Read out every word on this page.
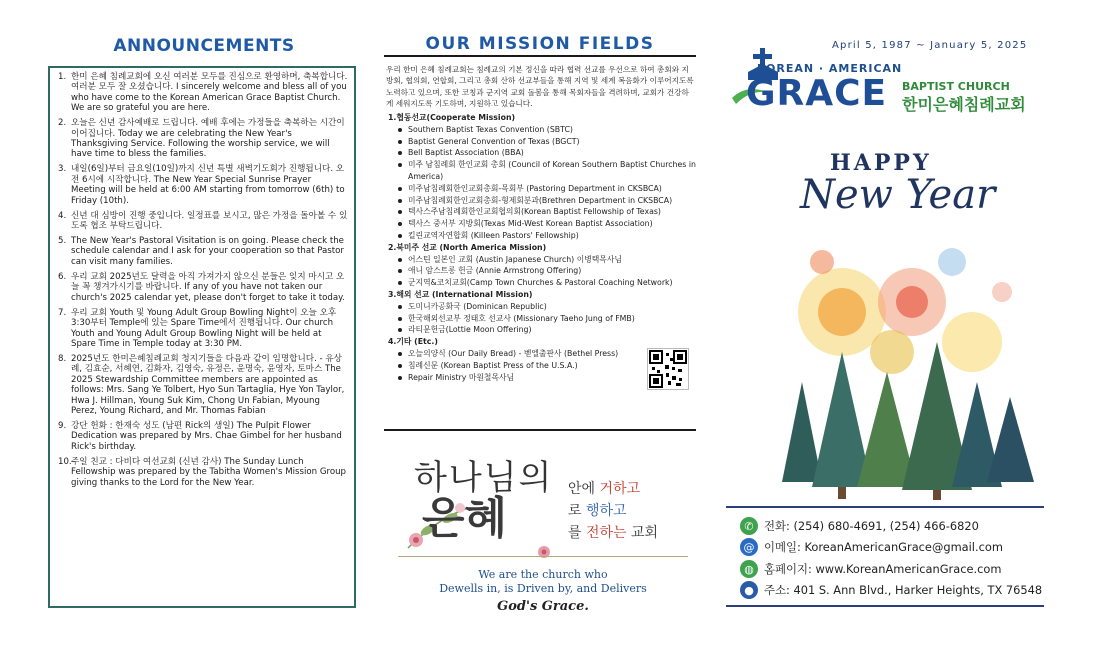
ANNOUNCEMENTS
1. 한미 은혜 침례교회에 오신 여러분 모두를 진심으로 환영하며, 축복합니다. 여러분 모두 잘 오셨습니다. I sincerely welcome and bless all of you who have come to the Korean American Grace Baptist Church. We are so grateful you are here.
2. 오늘은 신년 감사예배로 드립니다. 예배 후에는 가정들을 축복하는 시간이 이어집니다. Today we are celebrating the New Year's Thanksgiving Service. Following the worship service, we will have time to bless the families.
3. 내일(6일)부터 금요일(10일)까지 신년 특별 새벽기도회가 진행됩니다. 오전 6시에 시작합니다. The New Year Special Sunrise Prayer Meeting will be held at 6:00 AM starting from tomorrow (6th) to Friday (10th).
4. 신년 대 심방이 진행 중입니다. 일정표를 보시고, 많은 가정을 돌아볼 수 있도록 협조 부탁드립니다.
5. The New Year's Pastoral Visitation is on going. Please check the schedule calendar and I ask for your cooperation so that Pastor can visit many families.
6. 우리 교회 2025년도 달력을 아직 가져가지 않으신 분들은 잊지 마시고 오늘 꼭 챙겨가시기를 바랍니다. If any of you have not taken our church's 2025 calendar yet, please don't forget to take it today.
7. 우리 교회 Youth 및 Young Adult Group Bowling Night이 오늘 오후 3:30부터 Temple에 있는 Spare Time에서 진행됩니다. Our church Youth and Young Adult Group Bowling Night will be held at Spare Time in Temple today at 3:30 PM.
8. 2025년도 한미은혜침례교회 청지기들을 다음과 같이 임명합니다. - 유상례, 김효순, 서혜연, 김화자, 김영숙, 유정은, 윤명숙, 윤영자, 토마스 The 2025 Stewardship Committee members are appointed as follows: Mrs. Sang Ye Tolbert, Hyo Sun Tartaglia, Hye Yon Taylor, Hwa J. Hillman, Young Suk Kim, Chong Un Fabian, Myoung Perez, Young Richard, and Mr. Thomas Fabian
9. 강단 헌화 : 한재숙 성도 (남편 Rick의 생일) The Pulpit Flower Dedication was prepared by Mrs. Chae Gimbel for her husband Rick's birthday.
10. 주일 친교 : 다비다 여선교회 (신년 감사) The Sunday Lunch Fellowship was prepared by the Tabitha Women's Mission Group giving thanks to the Lord for the New Year.
OUR MISSION FIELDS
우리 한미 은혜 침례교회는 침례교의 기본 정신을 따라 협력 선교를 우선으로 하여 총회와 지방회, 협의회, 연합회, 그리고 총회 산하 선교부들을 통해 지역 및 세계 복음화가 이루어지도록 노력하고 있으며, 또한 코칭과 군지역 교회 돌봄을 통해 목회자들을 격려하며, 교회가 건강하게 세워지도록 기도하며, 지원하고 있습니다.
1.협동선교(Cooperate Mission)
Southern Baptist Texas Convention (SBTC)
Baptist General Convention of Texas (BGCT)
Bell Baptist Association (BBA)
미주 남침례회 한인교회 총회 (Council of Korean Southern Baptist Churches in America)
미주남침례회한인교회총회-목회부 (Pastoring Department in CKSBCA)
미주남침례회한인교회총회-형제회분과(Brethren Department in CKSBCA)
텍사스주남침례회한인교회협의회(Korean Baptist Fellowship of Texas)
텍사스 중서부 지방회(Texas Mid-West Korean Baptist Association)
킬린교역자연합회 (Killeen Pastors' Fellowship)
2.북미주 선교 (North America Mission)
어스틴 일본인 교회 (Austin Japanese Church) 이병택목사님
애니 암스트롱 헌금 (Annie Armstrong Offering)
군지역&코치교회(Camp Town Churches & Pastoral Coaching Network)
3.해외 선교 (International Mission)
도미니카공화국 (Dominican Republic)
한국해외선교부 정태호 선교사 (Missionary Taeho Jung of FMB)
라티문헌금(Lottie Moon Offering)
4.기타 (Etc.)
오늘의양식 (Our Daily Bread) - 벧엘출판사 (Bethel Press)
침례신문 (Korean Baptist Press of the U.S.A.)
Repair Ministry 마원철목사님
하나님의
은혜
안에 거하고
로 행하고
를 전하는 교회
We are the church who
Dewells in, is Driven by, and Delivers
God's Grace.
April 5, 1987 ~ January 5, 2025
KOREAN · AMERICAN
GRACE BAPTIST CHURCH
한미은혜침례교회
HAPPY
New Year
✆ 전화: (254) 680-4691, (254) 466-6820
@ 이메일: KoreanAmericanGrace@gmail.com
◍ 홈페이지: www.KoreanAmericanGrace.com
● 주소: 401 S. Ann Blvd., Harker Heights, TX 76548
